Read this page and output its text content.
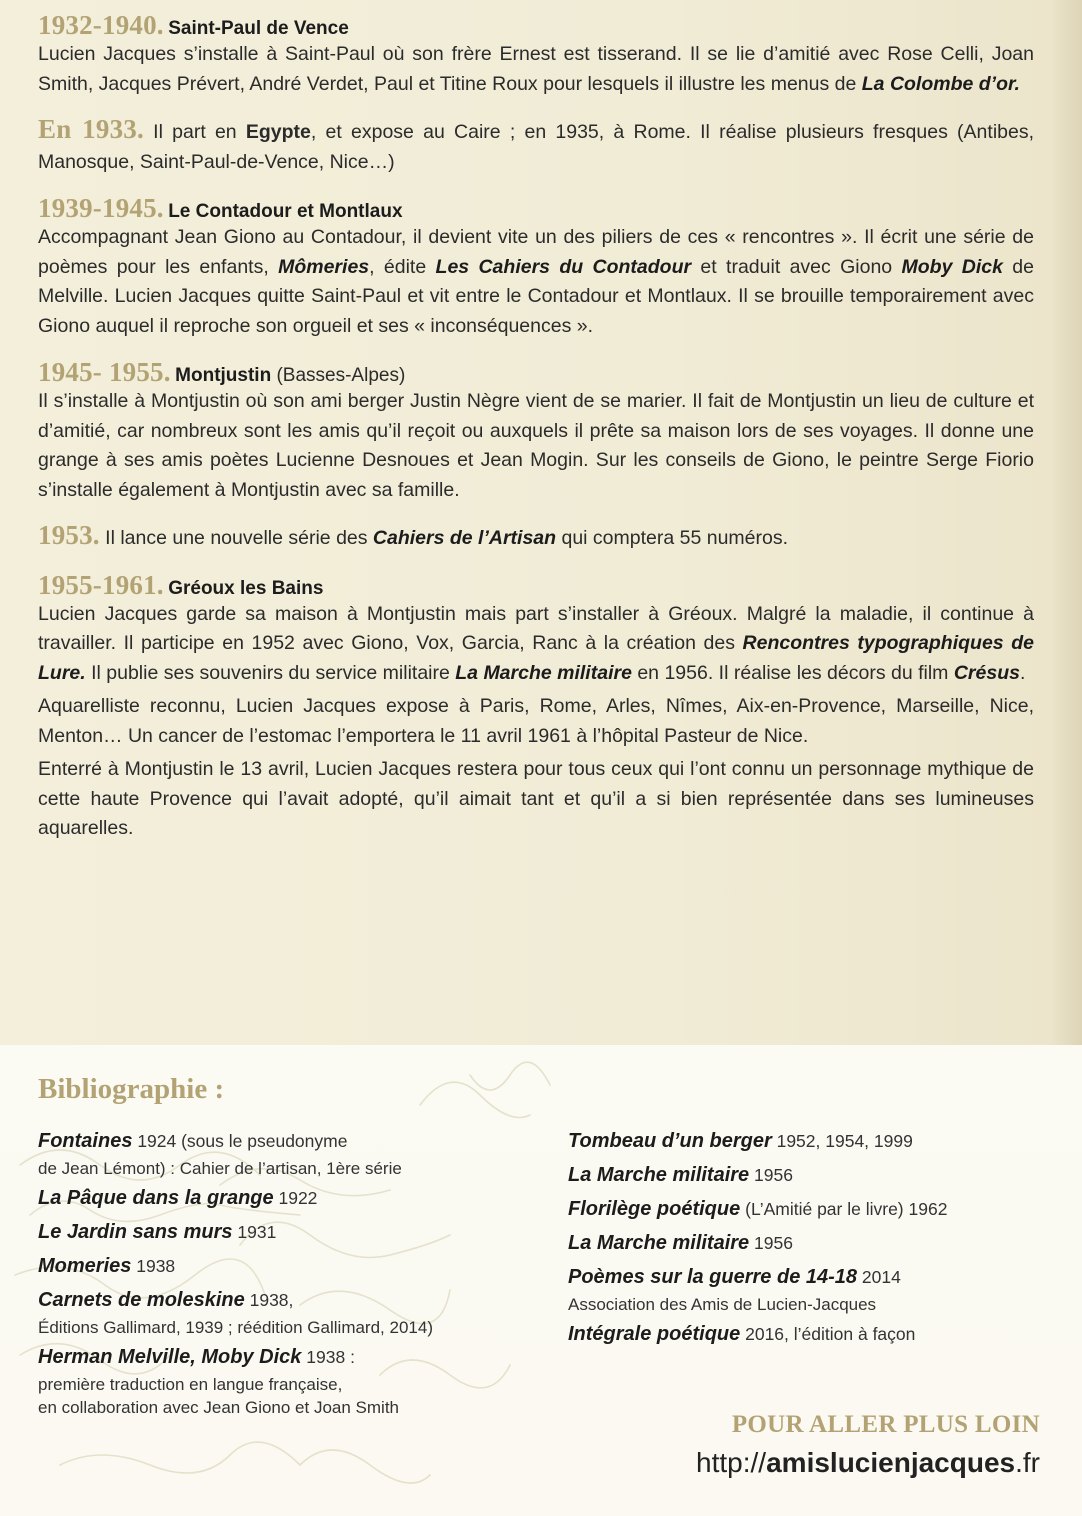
1932-1940. Saint-Paul de Vence

Lucien Jacques s’installe à Saint-Paul où son frère Ernest est tisserand. Il se lie d’amitié avec Rose Celli, Joan Smith, Jacques Prévert, André Verdet, Paul et Titine Roux pour lesquels il illustre les menus de La Colombe d’or.

En 1933. Il part en Egypte, et expose au Caire ; en 1935, à Rome. Il réalise plusieurs fresques (Antibes, Manosque, Saint-Paul-de-Vence, Nice…)

1939-1945. Le Contadour et Montlaux

Accompagnant Jean Giono au Contadour, il devient vite un des piliers de ces « rencontres ». Il écrit une série de poèmes pour les enfants, Mômeries, édite Les Cahiers du Contadour et traduit avec Giono Moby Dick de Melville. Lucien Jacques quitte Saint-Paul et vit entre le Contadour et Montlaux. Il se brouille temporairement avec Giono auquel il reproche son orgueil et ses « inconséquences ».

1945- 1955. Montjustin (Basses-Alpes)

Il s’installe à Montjustin où son ami berger Justin Nègre vient de se marier. Il fait de Montjustin un lieu de culture et d’amitié, car nombreux sont les amis qu’il reçoit ou auxquels il prête sa maison lors de ses voyages. Il donne une grange à ses amis poètes Lucienne Desnoues et Jean Mogin. Sur les conseils de Giono, le peintre Serge Fiorio s’installe également à Montjustin avec sa famille.

1953. Il lance une nouvelle série des Cahiers de l’Artisan qui comptera 55 numéros.

1955-1961. Gréoux les Bains

Lucien Jacques garde sa maison à Montjustin mais part s’installer à Gréoux. Malgré la maladie, il continue à travailler. Il participe en 1952 avec Giono, Vox, Garcia, Ranc à la création des Rencontres typographiques de Lure. Il publie ses souvenirs du service militaire La Marche militaire en 1956. Il réalise les décors du film Crésus.

Aquarelliste reconnu, Lucien Jacques expose à Paris, Rome, Arles, Nîmes, Aix-en-Provence, Marseille, Nice, Menton… Un cancer de l’estomac l’emportera le 11 avril 1961 à l’hôpital Pasteur de Nice.

Enterré à Montjustin le 13 avril, Lucien Jacques restera pour tous ceux qui l’ont connu un personnage mythique de cette haute Provence qui l’avait adopté, qu’il aimait tant et qu’il a si bien représentée dans ses lumineuses aquarelles.

Bibliographie :
Fontaines 1924 (sous le pseudonyme
de Jean Lémont) : Cahier de l’artisan, 1ère série
La Pâque dans la grange 1922
Le Jardin sans murs 1931
Momeries 1938
Carnets de moleskine 1938,
Éditions Gallimard, 1939 ; réédition Gallimard, 2014)
Herman Melville, Moby Dick 1938 :
première traduction en langue française,
en collaboration avec Jean Giono et Joan Smith
Tombeau d’un berger 1952, 1954, 1999
La Marche militaire 1956
Florilège poétique (L’Amitié par le livre) 1962
La Marche militaire 1956
Poèmes sur la guerre de 14-18 2014
Association des Amis de Lucien-Jacques
Intégrale poétique 2016, l’édition à façon
POUR ALLER PLUS LOIN
http://amislucienjacques.fr
